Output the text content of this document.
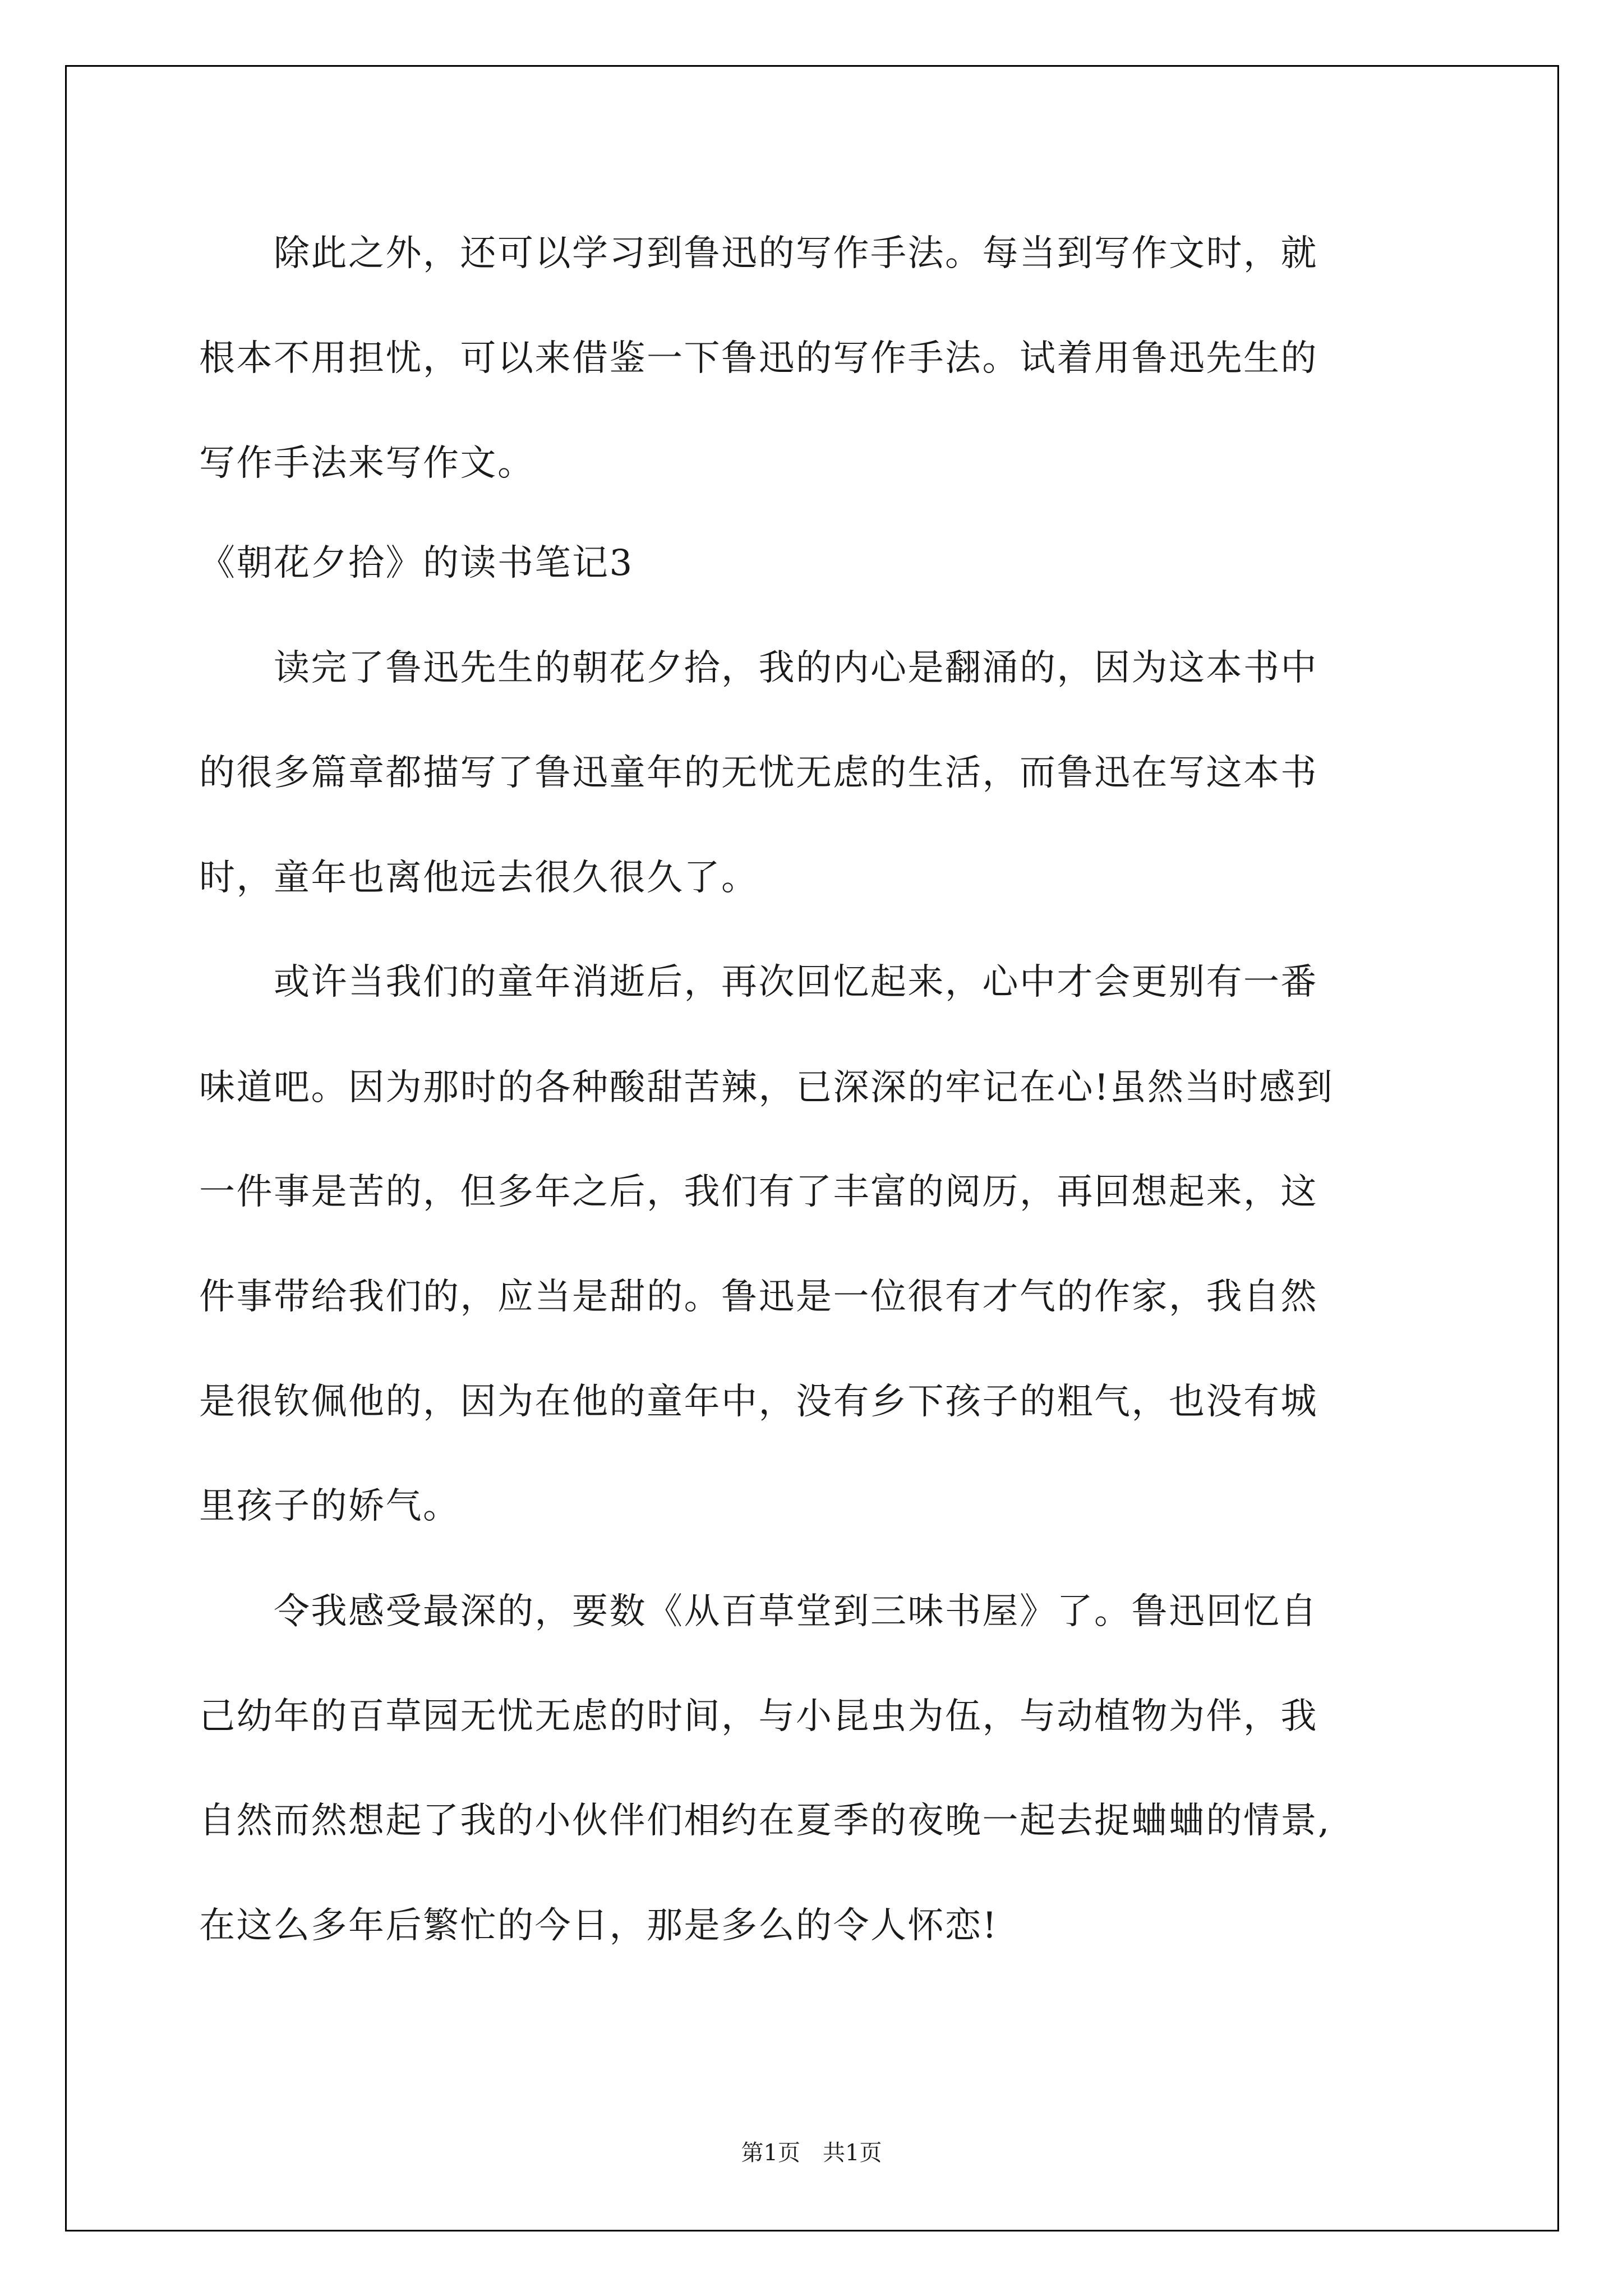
　　除此之外，还可以学习到鲁迅的写作手法。每当到写作文时，就

根本不用担忧，可以来借鉴一下鲁迅的写作手法。试着用鲁迅先生的

写作手法来写作文。

《朝花夕拾》的读书笔记3

　　读完了鲁迅先生的朝花夕拾，我的内心是翻涌的，因为这本书中

的很多篇章都描写了鲁迅童年的无忧无虑的生活，而鲁迅在写这本书

时，童年也离他远去很久很久了。

　　或许当我们的童年消逝后，再次回忆起来，心中才会更别有一番

味道吧。因为那时的各种酸甜苦辣，已深深的牢记在心!虽然当时感到

一件事是苦的，但多年之后，我们有了丰富的阅历，再回想起来，这

件事带给我们的，应当是甜的。鲁迅是一位很有才气的作家，我自然

是很钦佩他的，因为在他的童年中，没有乡下孩子的粗气，也没有城

里孩子的娇气。

　　令我感受最深的，要数《从百草堂到三味书屋》了。鲁迅回忆自

己幼年的百草园无忧无虑的时间，与小昆虫为伍，与动植物为伴，我

自然而然想起了我的小伙伴们相约在夏季的夜晚一起去捉蛐蛐的情景,

在这么多年后繁忙的今日，那是多么的令人怀恋!

第1页 共1页
